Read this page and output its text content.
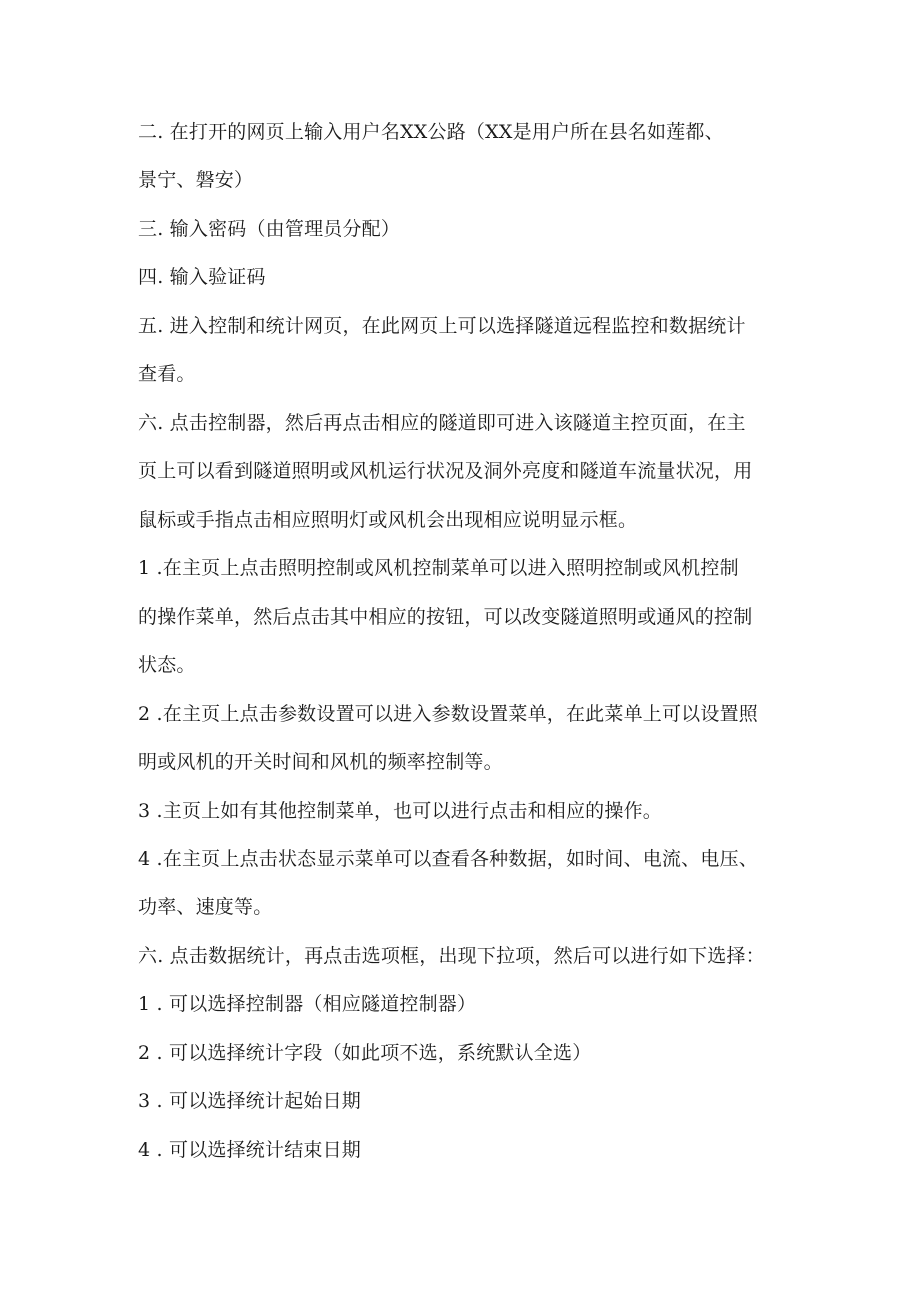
二. 在打开的网页上输入用户名XX公路（XX是用户所在县名如莲都、
景宁、磐安）
三. 输入密码（由管理员分配）
四. 输入验证码
五. 进入控制和统计网页，在此网页上可以选择隧道远程监控和数据统计
查看。
六. 点击控制器，然后再点击相应的隧道即可进入该隧道主控页面，在主
页上可以看到隧道照明或风机运行状况及洞外亮度和隧道车流量状况，用
鼠标或手指点击相应照明灯或风机会出现相应说明显示框。
1 .在主页上点击照明控制或风机控制菜单可以进入照明控制或风机控制
的操作菜单，然后点击其中相应的按钮，可以改变隧道照明或通风的控制
状态。
2 .在主页上点击参数设置可以进入参数设置菜单，在此菜单上可以设置照
明或风机的开关时间和风机的频率控制等。
3 .主页上如有其他控制菜单，也可以进行点击和相应的操作。
4 .在主页上点击状态显示菜单可以查看各种数据，如时间、电流、电压、
功率、速度等。
六. 点击数据统计，再点击选项框，出现下拉项，然后可以进行如下选择：
1 . 可以选择控制器（相应隧道控制器）
2 . 可以选择统计字段（如此项不选，系统默认全选）
3 . 可以选择统计起始日期
4 . 可以选择统计结束日期
